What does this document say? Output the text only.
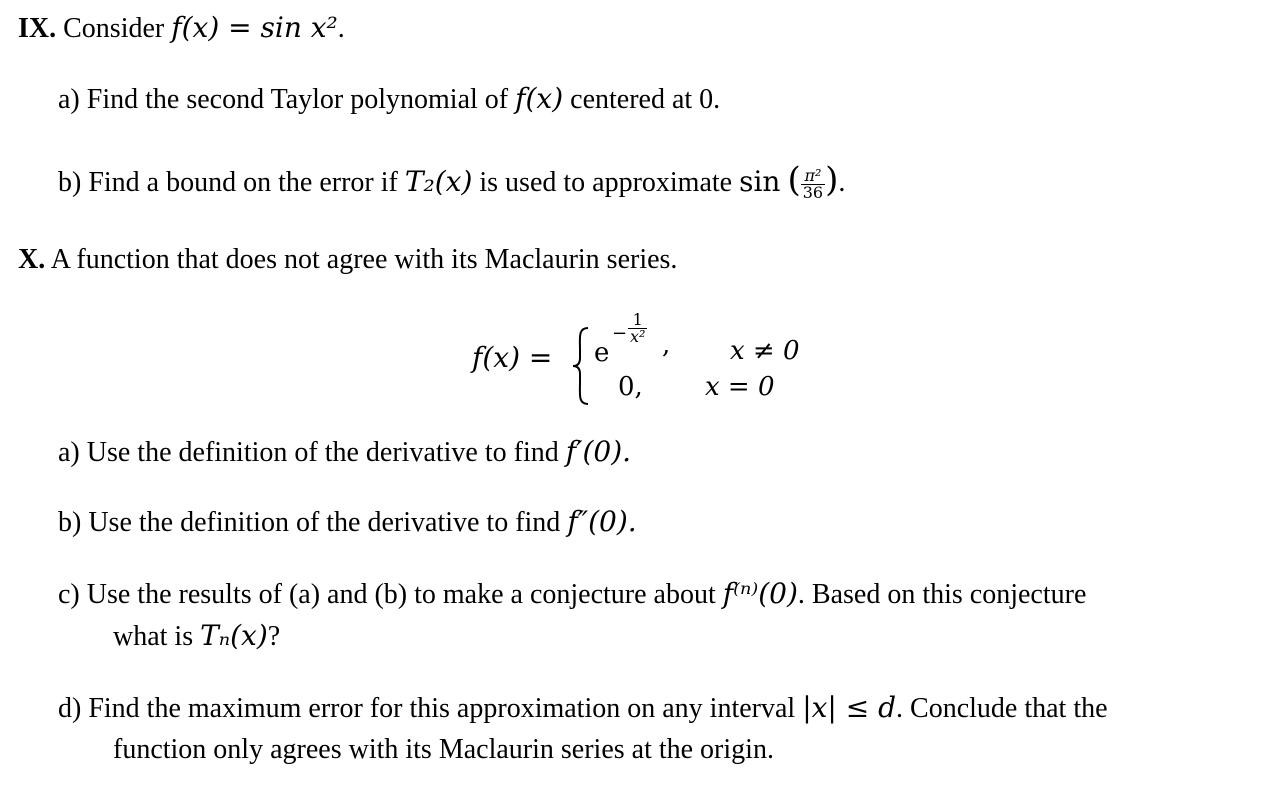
IX. Consider f(x) = sin x².
a) Find the second Taylor polynomial of f(x) centered at 0.
b) Find a bound on the error if T₂(x) is used to approximate sin ( $\frac{\text{π²}}{36}$ ).
X. A function that does not agree with its Maclaurin series.
f(x) = e
− $\frac{1}{\text{x²}}$ , x ≠ 0
0, x = 0
a) Use the definition of the derivative to find f′(0).
b) Use the definition of the derivative to find f″(0).
c) Use the results of (a) and (b) to make a conjecture about f⁽ⁿ⁾(0). Based on this conjecture
what is Tₙ(x)?
d) Find the maximum error for this approximation on any interval |x| ≤ d. Conclude that the
function only agrees with its Maclaurin series at the origin.
